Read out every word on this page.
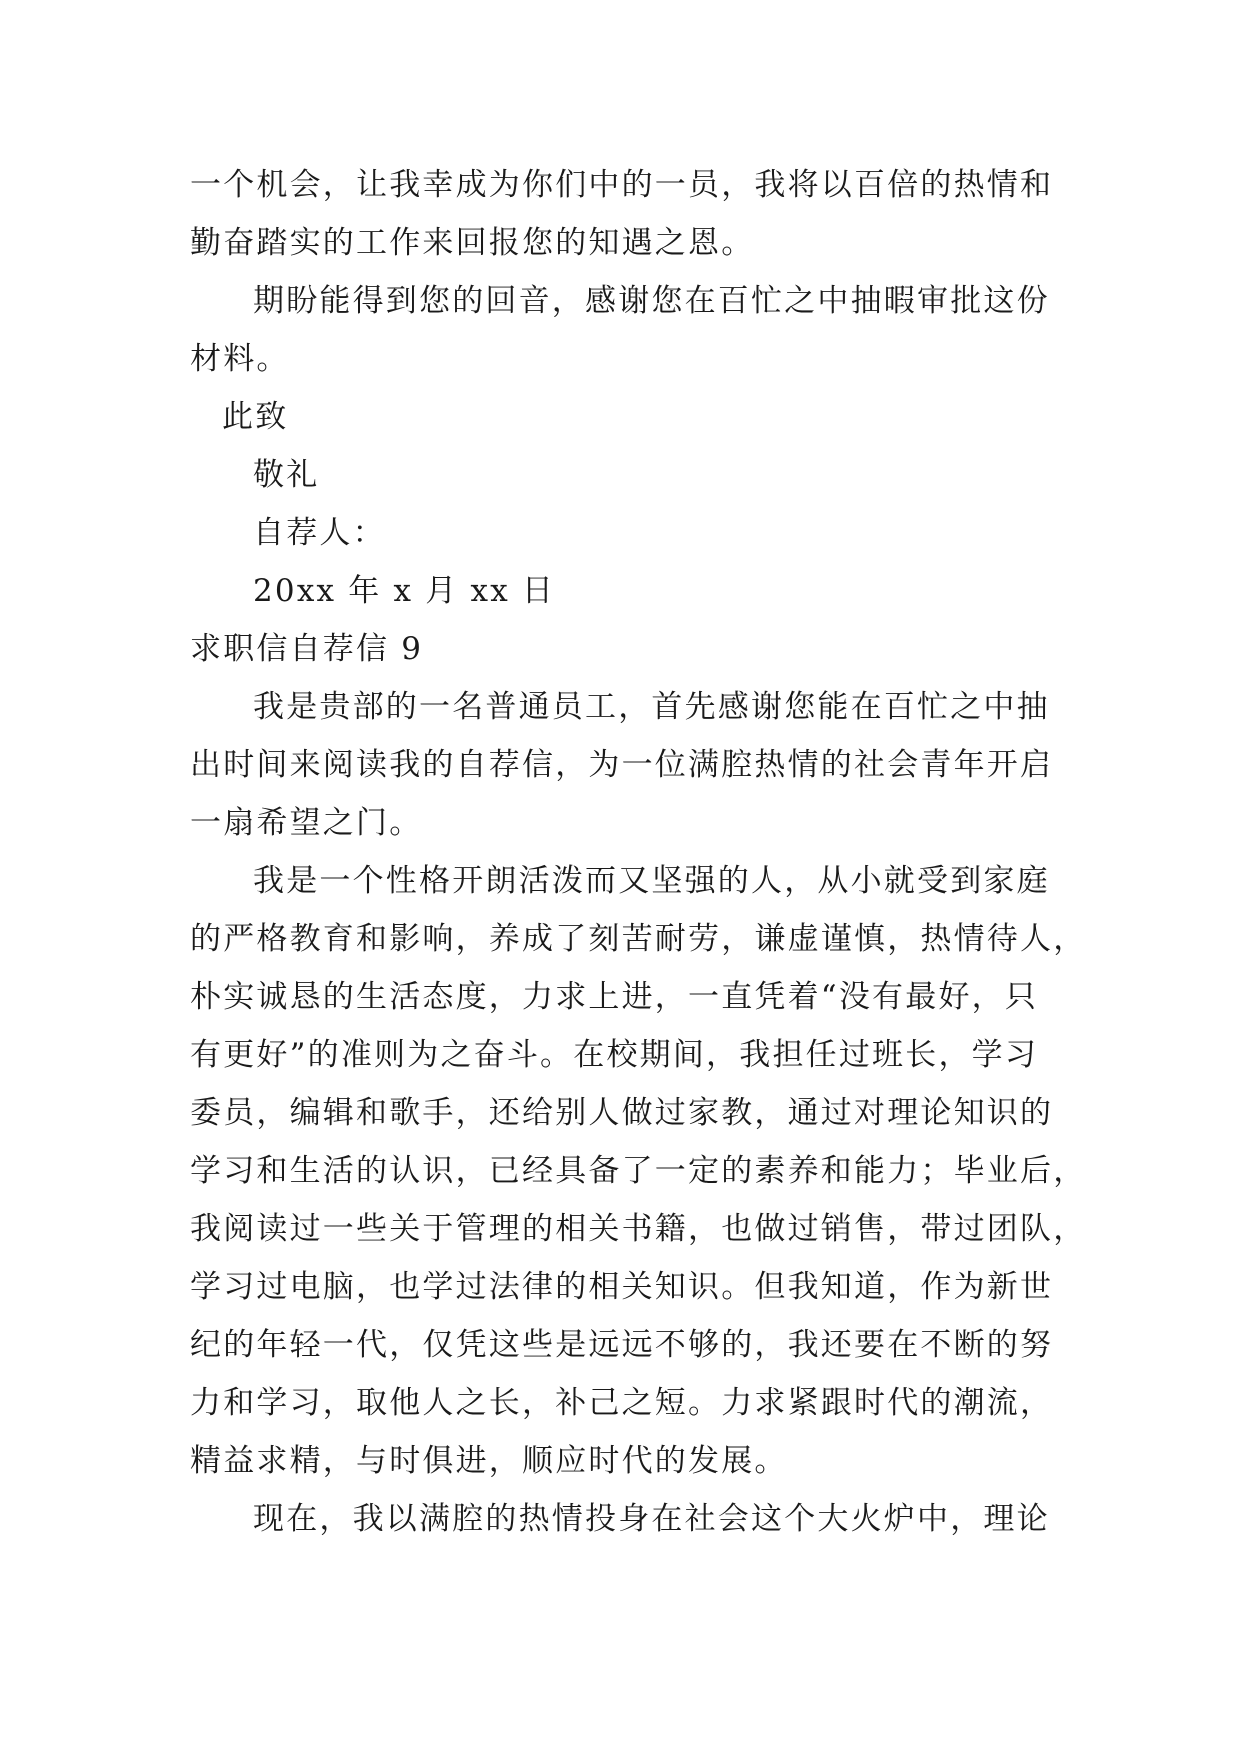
一个机会，让我幸成为你们中的一员，我将以百倍的热情和
勤奋踏实的工作来回报您的知遇之恩。
期盼能得到您的回音，感谢您在百忙之中抽暇审批这份
材料。
此致
敬礼
自荐人：
20xx 年 x 月 xx 日
求职信自荐信 9
我是贵部的一名普通员工，首先感谢您能在百忙之中抽
出时间来阅读我的自荐信，为一位满腔热情的社会青年开启
一扇希望之门。
我是一个性格开朗活泼而又坚强的人，从小就受到家庭
的严格教育和影响，养成了刻苦耐劳，谦虚谨慎，热情待人，
朴实诚恳的生活态度，力求上进，一直凭着“没有最好，只
有更好”的准则为之奋斗。在校期间，我担任过班长，学习
委员，编辑和歌手，还给别人做过家教，通过对理论知识的
学习和生活的认识，已经具备了一定的素养和能力；毕业后，
我阅读过一些关于管理的相关书籍，也做过销售，带过团队，
学习过电脑，也学过法律的相关知识。但我知道，作为新世
纪的年轻一代，仅凭这些是远远不够的，我还要在不断的努
力和学习，取他人之长，补己之短。力求紧跟时代的潮流，
精益求精，与时俱进，顺应时代的发展。
现在，我以满腔的热情投身在社会这个大火炉中，理论
